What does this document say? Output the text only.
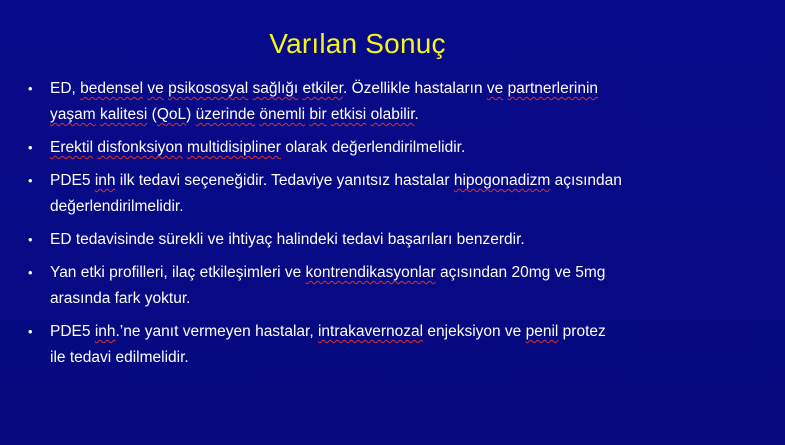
Varılan Sonuç
• ED, bedensel ve psikososyal sağlığı etkiler. Özellikle hastaların ve partnerlerinin
yaşam kalitesi (QoL) üzerinde önemli bir etkisi olabilir.
• Erektil disfonksiyon multidisipliner olarak değerlendirilmelidir.
• PDE5 inh ilk tedavi seçeneğidir. Tedaviye yanıtsız hastalar hipogonadizm açısından
değerlendirilmelidir.
• ED tedavisinde sürekli ve ihtiyaç halindeki tedavi başarıları benzerdir.
• Yan etki profilleri, ilaç etkileşimleri ve kontrendikasyonlar açısından 20mg ve 5mg
arasında fark yoktur.
• PDE5 inh.’ne yanıt vermeyen hastalar, intrakavernozal enjeksiyon ve penil protez
ile tedavi edilmelidir.
